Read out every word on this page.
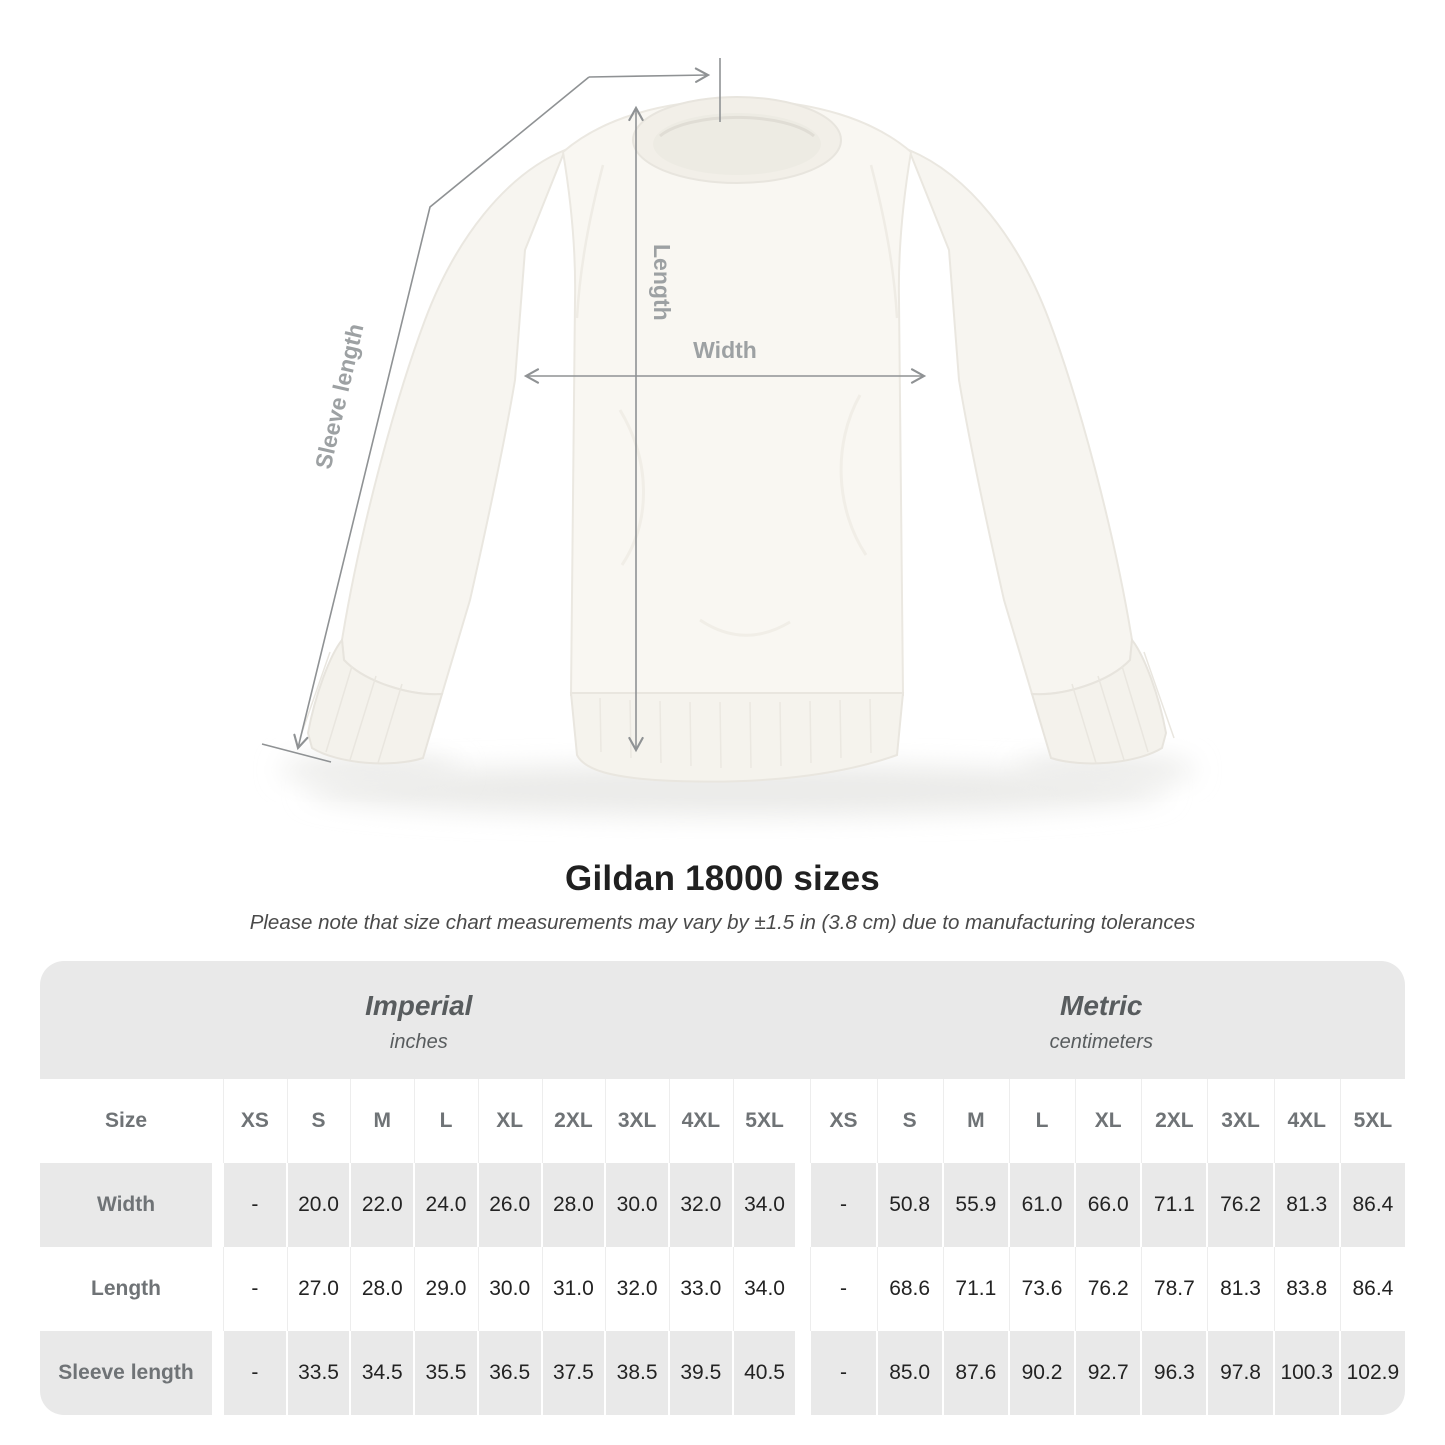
Length
Width
Sleeve length
Gildan 18000 sizes

Please note that size chart measurements may vary by ±1.5 in (3.8 cm) due to manufacturing tolerances

Imperial
inches
Metric
centimeters
Size	XS	S	M	L	XL	2XL	3XL	4XL	5XL	XS	S	M	L	XL	2XL	3XL	4XL	5XL
Width	-	20.0	22.0	24.0	26.0	28.0	30.0	32.0	34.0	-	50.8	55.9	61.0	66.0	71.1	76.2	81.3	86.4
Length	-	27.0	28.0	29.0	30.0	31.0	32.0	33.0	34.0	-	68.6	71.1	73.6	76.2	78.7	81.3	83.8	86.4
Sleeve length	-	33.5	34.5	35.5	36.5	37.5	38.5	39.5	40.5	-	85.0	87.6	90.2	92.7	96.3	97.8 100.3 102.9
